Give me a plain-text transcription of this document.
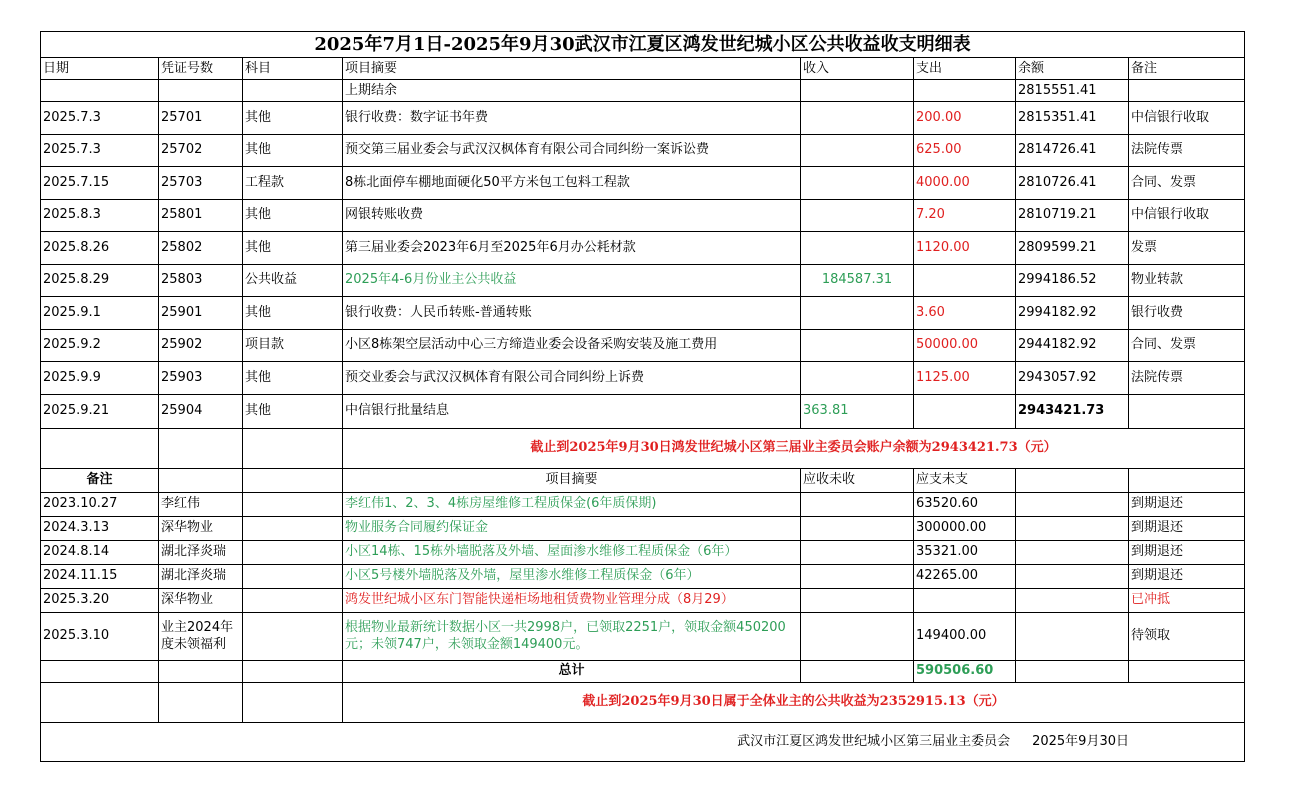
2025年7月1日-2025年9月30武汉市江夏区鸿发世纪城小区公共收益收支明细表							
日期	凭证号数	科目	项目摘要	收入	支出	余额	备注
			上期结余			2815551.41	
2025.7.3	25701	其他	银行收费：数字证书年费		200.00	2815351.41	中信银行收取
2025.7.3	25702	其他	预交第三届业委会与武汉汉枫体育有限公司合同纠纷一案诉讼费		625.00	2814726.41	法院传票
2025.7.15	25703	工程款	8栋北面停车棚地面硬化50平方米包工包料工程款		4000.00	2810726.41	合同、发票
2025.8.3	25801	其他	网银转账收费		7.20	2810719.21	中信银行收取
2025.8.26	25802	其他	第三届业委会2023年6月至2025年6月办公耗材款		1120.00	2809599.21	发票
2025.8.29	25803	公共收益	2025年4-6月份业主公共收益	184587.31		2994186.52	物业转款
2025.9.1	25901	其他	银行收费：人民币转账-普通转账		3.60	2994182.92	银行收费
2025.9.2	25902	项目款	小区8栋架空层活动中心三方缔造业委会设备采购安装及施工费用		50000.00	2944182.92	合同、发票
2025.9.9	25903	其他	预交业委会与武汉汉枫体育有限公司合同纠纷上诉费		1125.00	2943057.92	法院传票
2025.9.21	25904	其他	中信银行批量结息	363.81		2943421.73	
			截止到2025年9月30日鸿发世纪城小区第三届业主委员会账户余额为2943421.73（元）				
备注			项目摘要	应收未收	应支未支		
2023.10.27	李红伟		李红伟1、2、3、4栋房屋维修工程质保金(6年质保期)		63520.60		到期退还
2024.3.13	深华物业		物业服务合同履约保证金		300000.00		到期退还
2024.8.14	湖北泽炎瑞		小区14栋、15栋外墙脱落及外墙、屋面渗水维修工程质保金（6年）		35321.00		到期退还
2024.11.15	湖北泽炎瑞		小区5号楼外墙脱落及外墙，屋里渗水维修工程质保金（6年）		42265.00		到期退还
2025.3.20	深华物业		鸿发世纪城小区东门智能快递柜场地租赁费物业管理分成（8月29）				已冲抵
2025.3.10	业主2024年度未领福利		根据物业最新统计数据小区一共2998户，已领取2251户，领取金额450200元；未领747户，未领取金额149400元。		149400.00		待领取
			总计		590506.60		
			截止到2025年9月30日属于全体业主的公共收益为2352915.13（元）				
武汉市江夏区鸿发世纪城小区第三届业主委员会 2025年9月30日							
